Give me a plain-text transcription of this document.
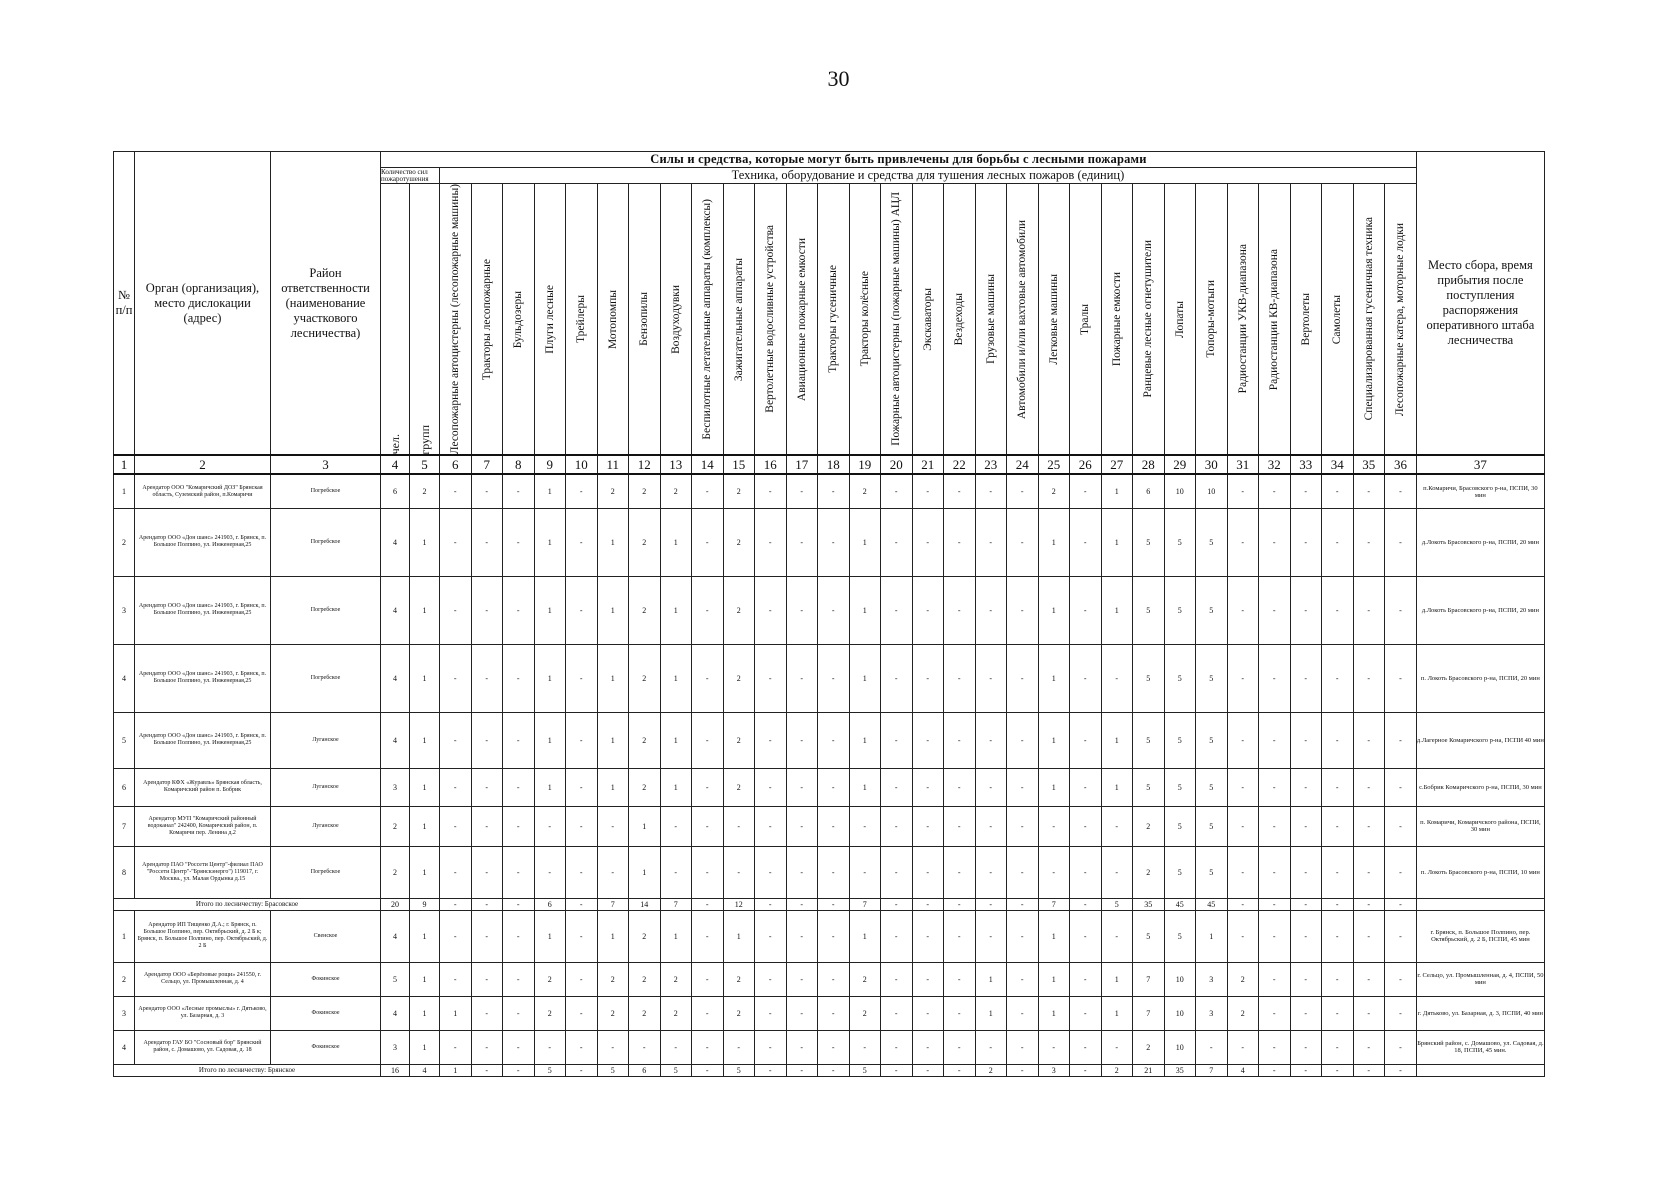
30
№ п/п	Орган (организация), место дислокации (адрес)	Район ответственности (наименование участкового лесничества)	Силы и средства, которые могут быть привлечены для борьбы с лесными пожарами																																	Место сбора, время прибытия после поступления распоряжения оперативного штаба лесничества

			Количество сил пожаротушения		Техника, оборудование и средства для тушения лесных пожаров (единиц)																															

			чел.	групп	Лесопожарные автоцистерны (лесопожарные машины)	Тракторы лесопожарные	Бульдозеры	Плуги лесные	Трейлеры	Мотопомпы	Бензопилы	Воздуходувки	Беспилотные летательные аппараты (комплексы)	Зажигательные аппараты	Вертолетные водосливные устройства	Авиационные пожарные емкости	Тракторы гусеничные	Тракторы колёсные	Пожарные автоцистерны (пожарные машины) АЦЛ	Экскаваторы	Вездеходы	Грузовые машины	Автомобили и/или вахтовые автомобили	Легковые машины	Тралы	Пожарные емкости	Ранцевые лесные огнетушители	Лопаты	Топоры-мотыги	Радиостанции УКВ-диапазона	Радиостанции КВ-диапазона	Вертолеты	Самолеты	Специализированная гусеничная техника	Лесопожарные катера, моторные лодки	

1	2	3	4	5	6	7	8	9	10	11	12	13	14	15	16	17	18	19	20	21	22	23	24	25	26	27	28	29	30	31	32	33	34	35	36	37
1	Арендатор ООО "Комаричский ДОЗ" Брянская область, Суземский район, п.Комаричи	Погребское	6	2	-	-	-	1	-	2	2	2	-	2	-	-	-	2	-	-	-	-	-	2	-	1	6	10	10	-	-	-	-	-	-	п.Комаричи, Брасовского р-на, ПСПИ, 30 мин
2	Арендатор ООО «Дон шанс» 241903, г. Брянск, п. Большое Полпино, ул. Инженерная,25	Погребское	4	1	-	-	-	1	-	1	2	1	-	2	-	-	-	1	-	-	-	-	-	1	-	1	5	5	5	-	-	-	-	-	-	д.Локоть Брасовского р-на, ПСПИ, 20 мин
3	Арендатор ООО «Дон шанс» 241903, г. Брянск, п. Большое Полпино, ул. Инженерная,25	Погребское	4	1	-	-	-	1	-	1	2	1	-	2	-	-	-	1	-	-	-	-	-	1	-	1	5	5	5	-	-	-	-	-	-	д.Локоть Брасовского р-на, ПСПИ, 20 мин
4	Арендатор ООО «Дон шанс» 241903, г. Брянск, п. Большое Полпино, ул. Инженерная,25	Погребское	4	1	-	-	-	1	-	1	2	1	-	2	-	-	-	1	-	-	-	-	-	1	-	-	5	5	5	-	-	-	-	-	-	п. Локоть Брасовского р-на, ПСПИ, 20 мин
5	Арендатор ООО «Дон шанс» 241903, г. Брянск, п. Большое Полпино, ул. Инженерная,25	Луганское	4	1	-	-	-	1	-	1	2	1	-	2	-	-	-	1	-	-	-	-	-	1	-	1	5	5	5	-	-	-	-	-	-	д.Лагерное Комаричского р-на, ПСПИ 40 мин
6	Арендатор КФХ «Журавль» Брянская область, Комаричский район п. Бобрик	Луганское	3	1	-	-	-	1	-	1	2	1	-	2	-	-	-	1	-	-	-	-	-	1	-	1	5	5	5	-	-	-	-	-	-	с.Бобрик Комаричского р-на, ПСПИ, 30 мин
7	Арендатор МУП "Комаричский районный водоканал" 242400, Комаричский район, п. Комаричи пер. Ленина д.2	Луганское	2	1	-	-	-	-	-	-	1	-	-	-	-	-	-	-	-	-	-	-	-	-	-	-	2	5	5	-	-	-	-	-	-	п. Комаричи, Комаричского района, ПСПИ, 30 мин
8	Арендатор ПАО "Россети Центр"-филиал ПАО "Россети Центр"-"Брянскэнерго") 119017, г. Москва., ул. Малая Ордынка д.15	Погребское	2	1	-	-	-	-	-	-	1	-	-	-	-	-	-	-	-	-	-	-	-	-	-	-	2	5	5	-	-	-	-	-	-	п. Локоть Брасовского р-на, ПСПИ, 10 мин
Итого по лесничеству: Брасовское			20	9	-	-	-	6	-	7	14	7	-	12	-	-	-	7	-	-	-	-	-	7	-	5	35	45	45	-	-	-	-	-	-	
1	Арендатор ИП Тищенко Д.А.; г. Брянск, п. Большое Полпино, пер. Октябрьский, д. 2 Б к; Брянск, п. Большое Полпино, пер. Октябрьский, д. 2 Б	Свенское	4	1	-	-	-	1	-	1	2	1	-	1	-	-	-	1	-	-	-	-	-	1	-	-	5	5	1	-	-	-	-	-	-	г. Брянск, п. Большое Полпино, пер. Октябрьский, д. 2 Б, ПСПИ, 45 мин
2	Арендатор ООО «Берёзовые рощи» 241550, г. Сельцо, ул. Промышленная, д. 4	Фокинское	5	1	-	-	-	2	-	2	2	2	-	2	-	-	-	2	-	-	-	1	-	1	-	1	7	10	3	2	-	-	-	-	-	г. Сельцо, ул. Промышленная, д. 4, ПСПИ, 50 мин
3	Арендатор ООО «Лесные промыслы» г. Дятьково, ул. Базарная, д. 3	Фокинское	4	1	1	-	-	2	-	2	2	2	-	2	-	-	-	2	-	-	-	1	-	1	-	1	7	10	3	2	-	-	-	-	-	г. Дятьково, ул. Базарная, д. 3, ПСПИ, 40 мин
4	Арендатор ГАУ БО "Сосновый бор" Брянский район, с. Домашово, ул. Садовая, д. 18	Фокинское	3	1	-	-	-	-	-	-	-	-	-	-	-	-	-	-	-	-	-	-	-	-	-	-	2	10	-	-	-	-	-	-	-	Брянский район, с. Домашово, ул. Садовая, д. 18, ПСПИ, 45 мин.
Итого по лесничеству: Брянское			16	4	1	-	-	5	-	5	6	5	-	5	-	-	-	5	-	-	-	2	-	3	-	2	21	35	7	4	-	-	-	-	-	
